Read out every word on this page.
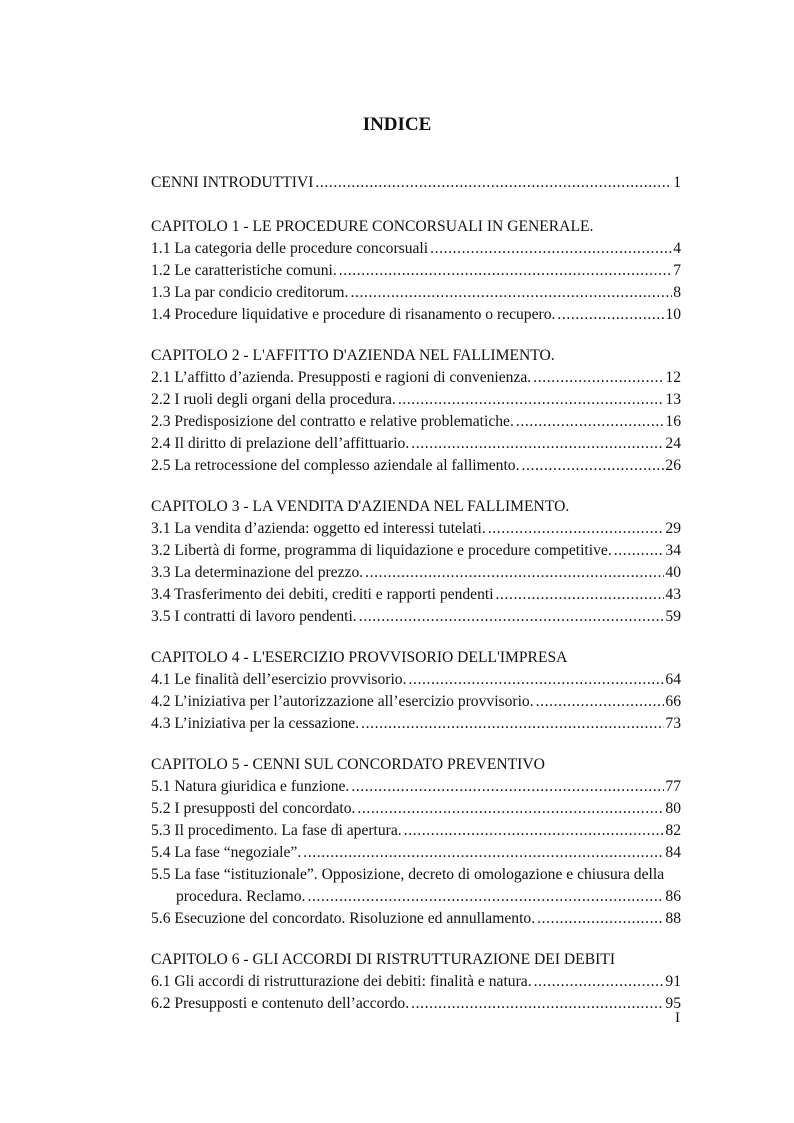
INDICE
CENNI INTRODUTTIVI .....	1
CAPITOLO 1 - LE PROCEDURE CONCORSUALI IN GENERALE.
1.1 La categoria delle procedure concorsuali .....	4
1.2 Le caratteristiche comuni. .....	7
1.3 La par condicio creditorum. .....	8
1.4 Procedure liquidative e procedure di risanamento o recupero. .....	10
CAPITOLO 2 - L'AFFITTO D'AZIENDA NEL FALLIMENTO.
2.1 L’affitto d’azienda. Presupposti e ragioni di convenienza. .....	12
2.2 I ruoli degli organi della procedura. .....	13
2.3 Predisposizione del contratto e relative problematiche. .....	16
2.4 Il diritto di prelazione dell’affittuario. .....	24
2.5 La retrocessione del complesso aziendale al fallimento. .....	26
CAPITOLO 3 - LA VENDITA D'AZIENDA NEL FALLIMENTO.
3.1 La vendita d’azienda: oggetto ed interessi tutelati. .....	29
3.2 Libertà di forme, programma di liquidazione e procedure competitive. .....	34
3.3 La determinazione del prezzo. .....	40
3.4 Trasferimento dei debiti, crediti e rapporti pendenti .....	43
3.5 I contratti di lavoro pendenti. .....	59
CAPITOLO 4 - L'ESERCIZIO PROVVISORIO DELL'IMPRESA
4.1 Le finalità dell’esercizio provvisorio. .....	64
4.2 L’iniziativa per l’autorizzazione all’esercizio provvisorio. .....	66
4.3 L’iniziativa per la cessazione. .....	73
CAPITOLO 5 - CENNI SUL CONCORDATO PREVENTIVO
5.1 Natura giuridica e funzione. .....	77
5.2 I presupposti del concordato. .....	80
5.3 Il procedimento. La fase di apertura. .....	82
5.4 La fase “negoziale”. .....	84
5.5 La fase “istituzionale”. Opposizione, decreto di omologazione e chiusura della
procedura. Reclamo. .....	86
5.6 Esecuzione del concordato. Risoluzione ed annullamento. .....	88
CAPITOLO 6 - GLI ACCORDI DI RISTRUTTURAZIONE DEI DEBITI
6.1 Gli accordi di ristrutturazione dei debiti: finalità e natura. .....	91
6.2 Presupposti e contenuto dell’accordo. .....	95
I
